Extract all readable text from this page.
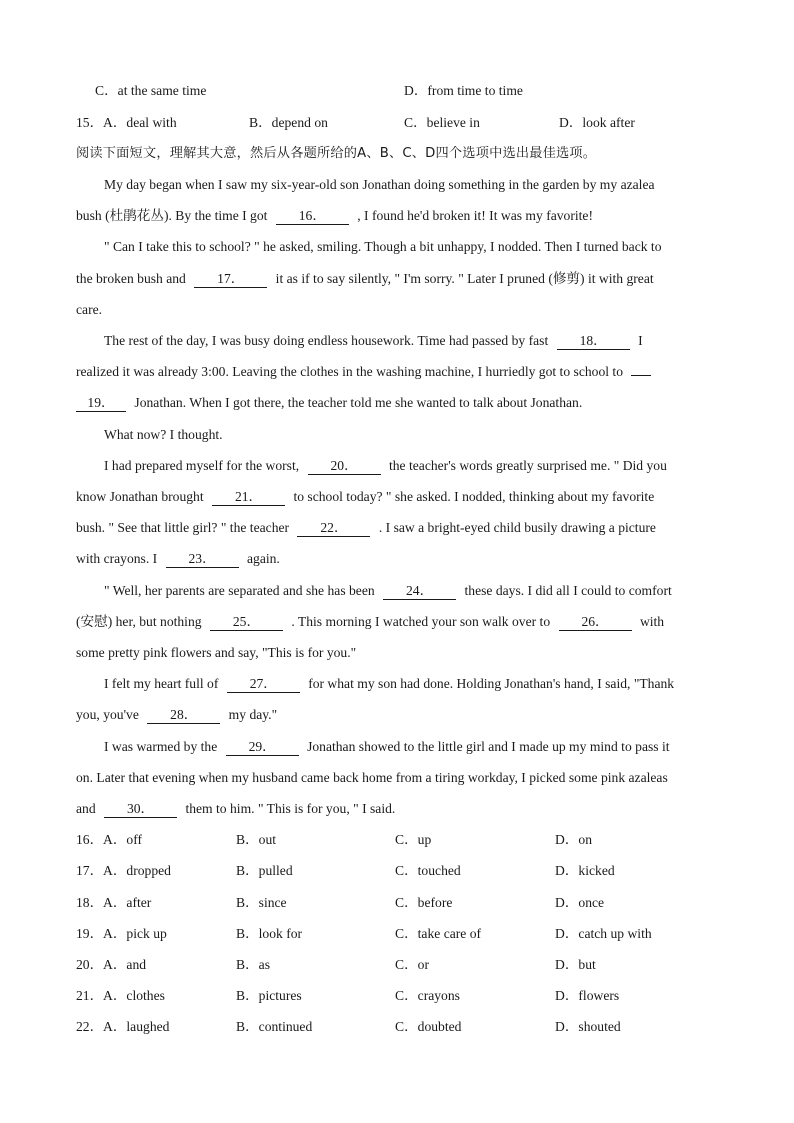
C．at the same time	D．from time to time
15． A．deal with	B．depend on	C．believe in	D．look after
阅读下面短文，理解其大意，然后从各题所给的A、B、C、D四个选项中选出最佳选项。
My day began when I saw my six-year-old son Jonathan doing something in the garden by my azalea
bush (杜鹃花丛). By the time I got 16． , I found he'd broken it! It was my favorite!
" Can I take this to school? " he asked, smiling. Though a bit unhappy, I nodded. Then I turned back to
the broken bush and 17． it as if to say silently, " I'm sorry. " Later I pruned (修剪) it with great
care.
The rest of the day, I was busy doing endless housework. Time had passed by fast 18． I
realized it was already 3:00. Leaving the clothes in the washing machine, I hurriedly got to school to
19． Jonathan. When I got there, the teacher told me she wanted to talk about Jonathan.
What now? I thought.
I had prepared myself for the worst, 20． the teacher's words greatly surprised me. " Did you
know Jonathan brought 21． to school today? " she asked. I nodded, thinking about my favorite
bush. " See that little girl? " the teacher 22． . I saw a bright-eyed child busily drawing a picture
with crayons. I 23． again.
" Well, her parents are separated and she has been 24． these days. I did all I could to comfort
(安慰) her, but nothing 25． . This morning I watched your son walk over to 26． with
some pretty pink flowers and say, "This is for you."
I felt my heart full of 27． for what my son had done. Holding Jonathan's hand, I said, "Thank
you, you've 28． my day."
I was warmed by the 29． Jonathan showed to the little girl and I made up my mind to pass it
on. Later that evening when my husband came back home from a tiring workday, I picked some pink azaleas
and 30． them to him. " This is for you, " I said.
16． A．off	B．out	C．up	D．on
17． A．dropped	B．pulled	C．touched	D．kicked
18． A．after	B．since	C．before	D．once
19． A．pick up	B．look for	C．take care of	D．catch up with
20． A．and	B．as	C．or	D．but
21． A．clothes	B．pictures	C．crayons	D．flowers
22． A．laughed	B．continued	C．doubted	D．shouted
